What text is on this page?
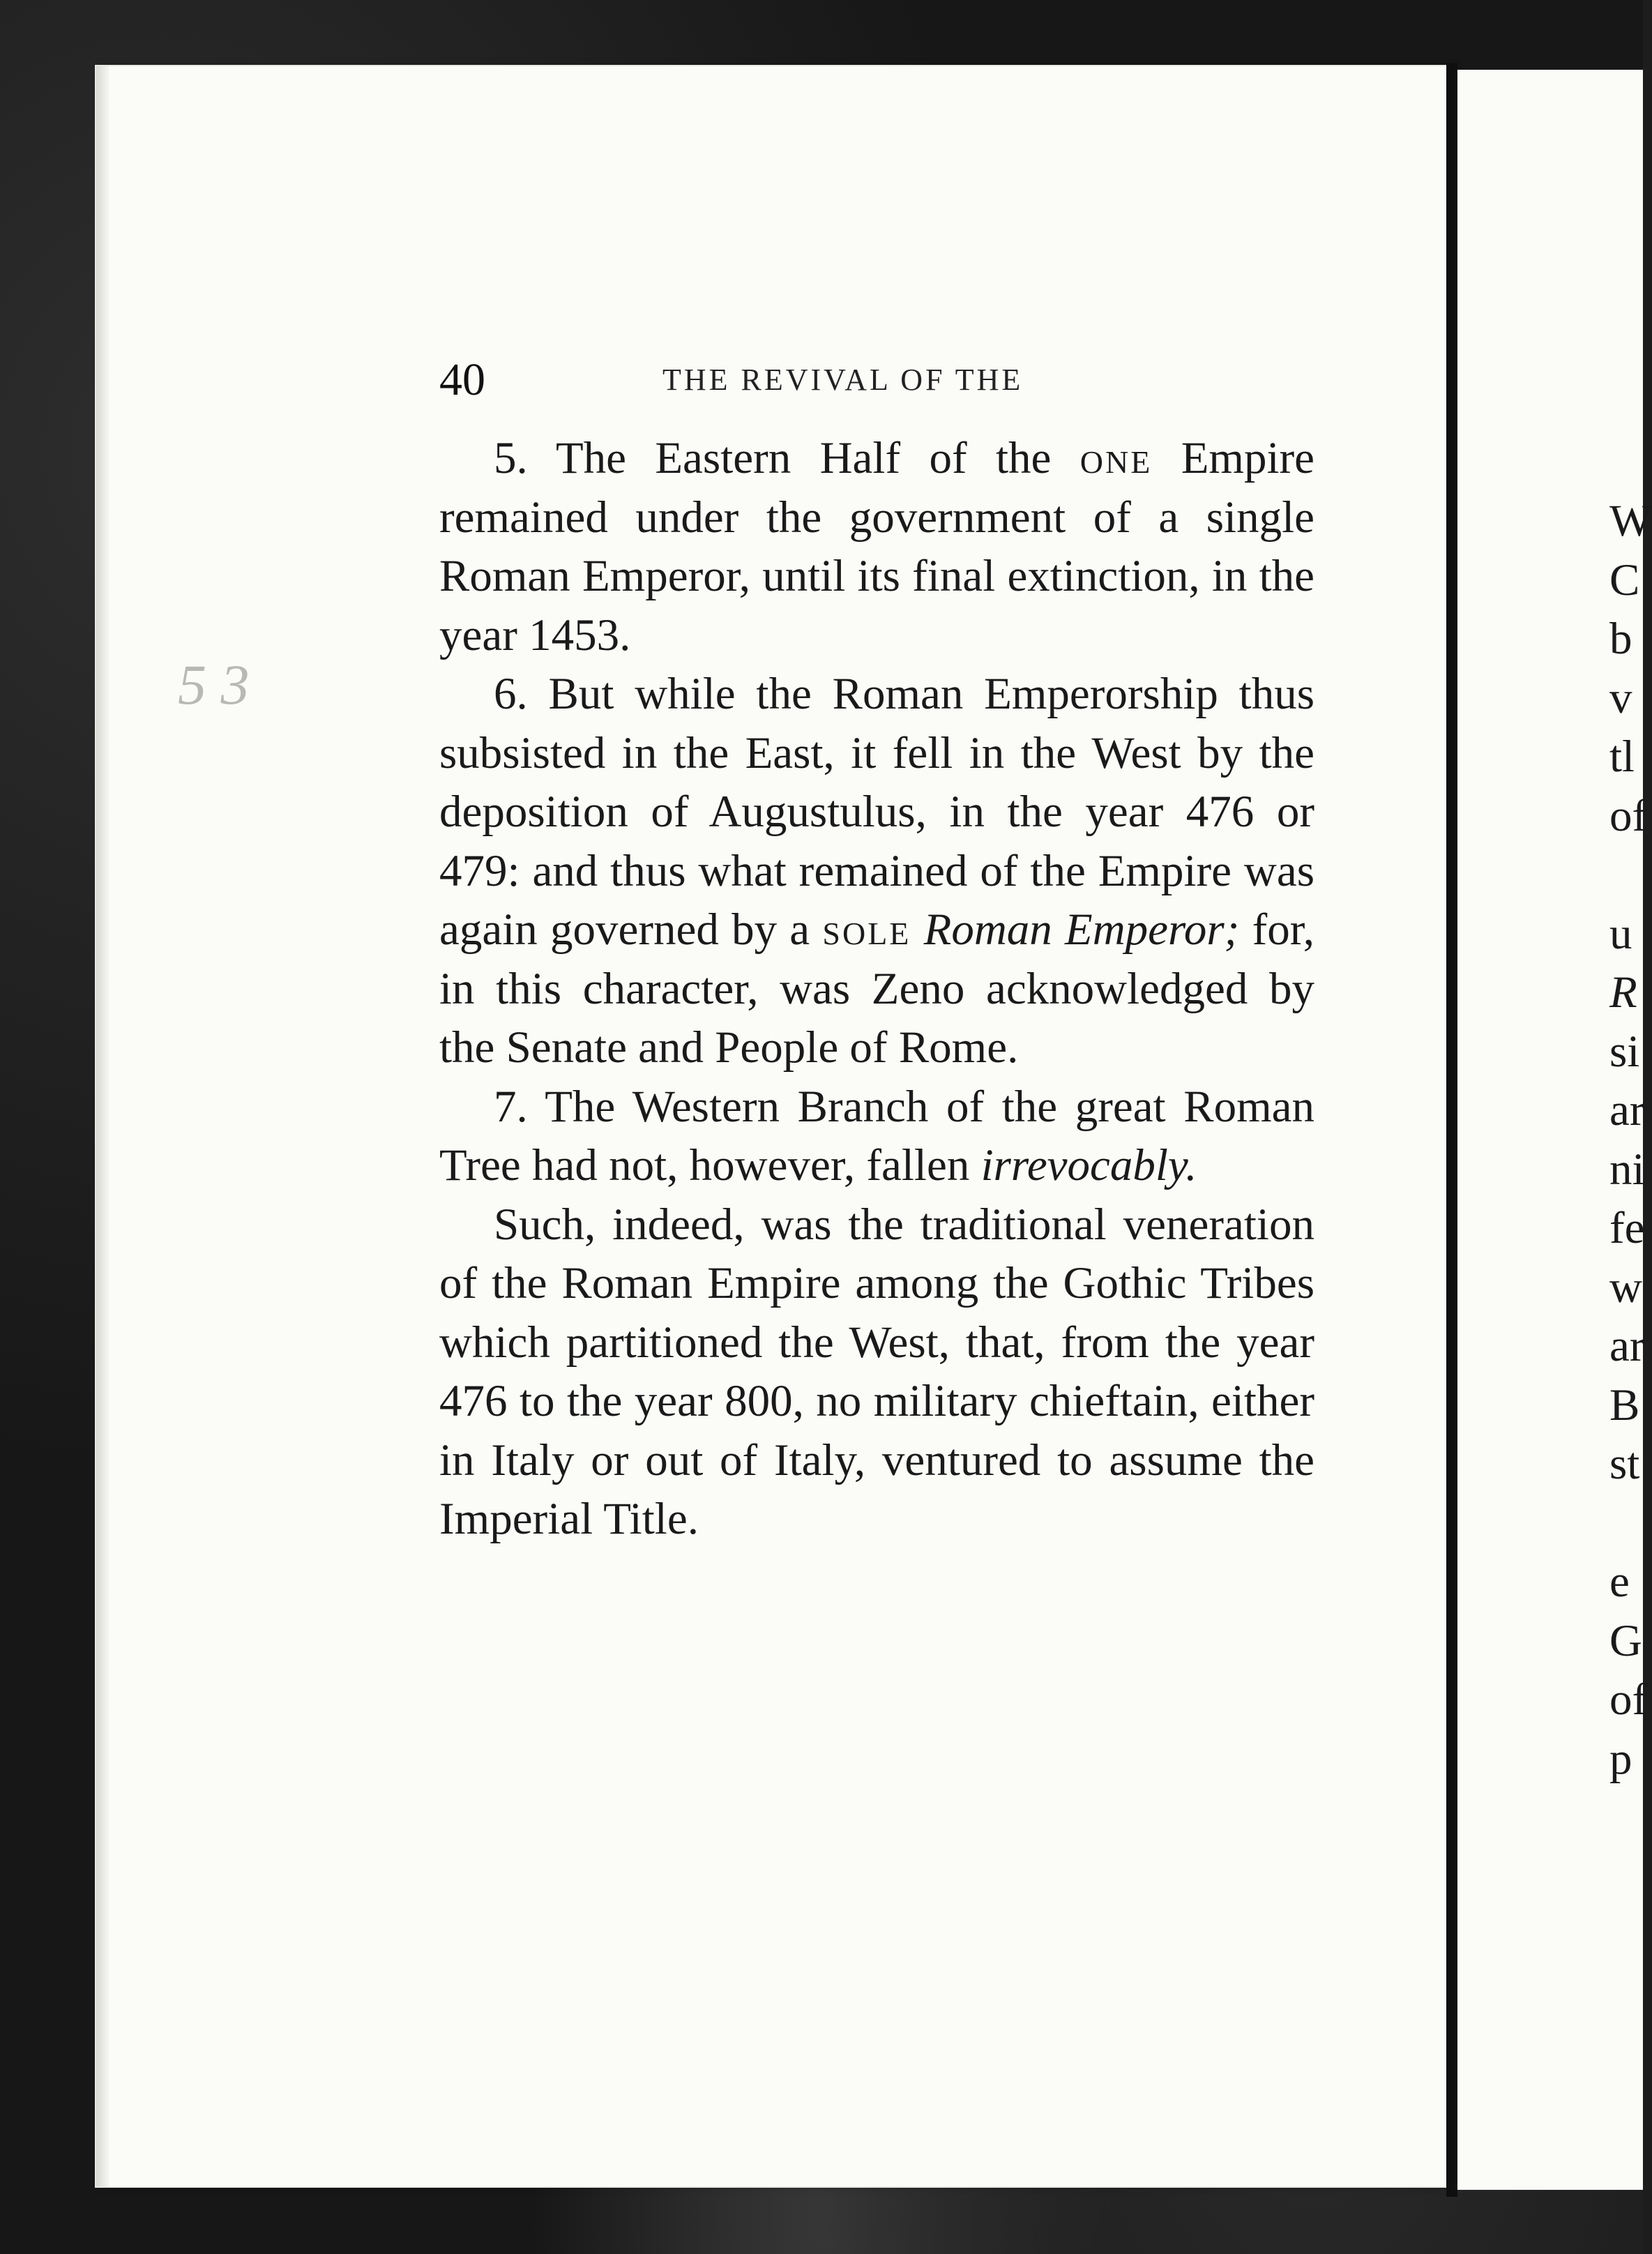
5 3
40	THE REVIVAL OF THE

5. The Eastern Half of the one Empire remained under the government of a single Roman Emperor, until its final extinction, in the year 1453.

6. But while the Roman Emperorship thus subsisted in the East, it fell in the West by the deposition of Augustulus, in the year 476 or 479: and thus what remained of the Empire was again governed by a sole Roman Emperor; for, in this character, was Zeno acknowledged by the Senate and People of Rome.

7. The Western Branch of the great Roman Tree had not, however, fallen irrevocably.

Such, indeed, was the traditional veneration of the Roman Empire among the Gothic Tribes which partitioned the West, that, from the year 476 to the year 800, no military chieftain, either in Italy or out of Italy, ventured to assume the Imperial Title.

W
C
b
v
tl
of
u
R
si
ar
ni
fe
w
ar
B
st
e
G
of
p
